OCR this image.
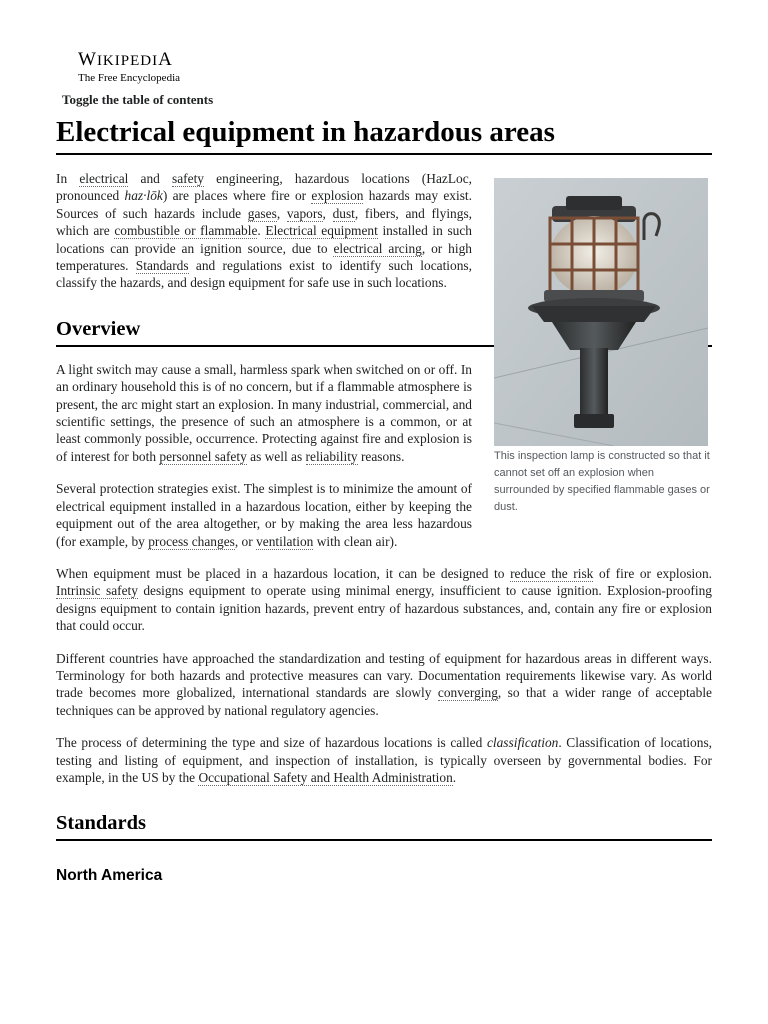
WIKIPEDIA
The Free Encyclopedia
Toggle the table of contents
Electrical equipment in hazardous areas
This inspection lamp is constructed so that it cannot set off an explosion when surrounded by specified flammable gases or dust.

In electrical and safety engineering, hazardous locations (HazLoc, pronounced haz·lōk) are places where fire or explosion hazards may exist. Sources of such hazards include gases, vapors, dust, fibers, and flyings, which are combustible or flammable. Electrical equipment installed in such locations can provide an ignition source, due to electrical arcing, or high temperatures. Standards and regulations exist to identify such locations, classify the hazards, and design equipment for safe use in such locations.

Overview

A light switch may cause a small, harmless spark when switched on or off. In an ordinary household this is of no concern, but if a flammable atmosphere is present, the arc might start an explosion. In many industrial, commercial, and scientific settings, the presence of such an atmosphere is a common, or at least commonly possible, occurrence. Protecting against fire and explosion is of interest for both personnel safety as well as reliability reasons.

Several protection strategies exist. The simplest is to minimize the amount of electrical equipment installed in a hazardous location, either by keeping the equipment out of the area altogether, or by making the area less hazardous (for example, by process changes, or ventilation with clean air).

When equipment must be placed in a hazardous location, it can be designed to reduce the risk of fire or explosion. Intrinsic safety designs equipment to operate using minimal energy, insufficient to cause ignition. Explosion-proofing designs equipment to contain ignition hazards, prevent entry of hazardous substances, and, contain any fire or explosion that could occur.

Different countries have approached the standardization and testing of equipment for hazardous areas in different ways. Terminology for both hazards and protective measures can vary. Documentation requirements likewise vary. As world trade becomes more globalized, international standards are slowly converging, so that a wider range of acceptable techniques can be approved by national regulatory agencies.

The process of determining the type and size of hazardous locations is called classification. Classification of locations, testing and listing of equipment, and inspection of installation, is typically overseen by governmental bodies. For example, in the US by the Occupational Safety and Health Administration.

Standards
North America
